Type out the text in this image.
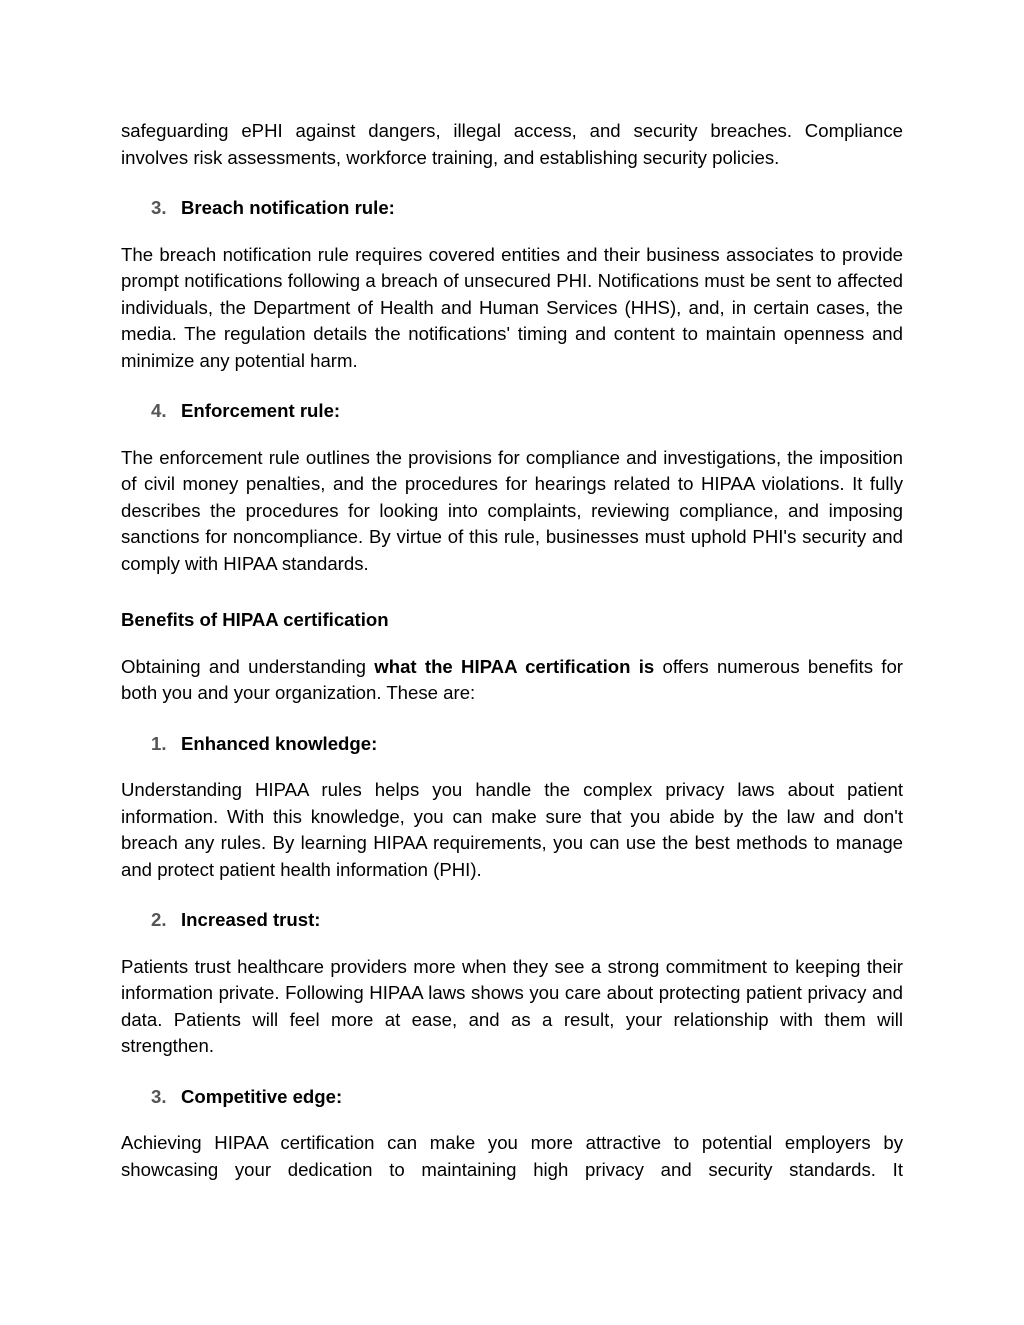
safeguarding ePHI against dangers, illegal access, and security breaches. Compliance involves risk assessments, workforce training, and establishing security policies.

3. Breach notification rule:

The breach notification rule requires covered entities and their business associates to provide prompt notifications following a breach of unsecured PHI. Notifications must be sent to affected individuals, the Department of Health and Human Services (HHS), and, in certain cases, the media. The regulation details the notifications' timing and content to maintain openness and minimize any potential harm.

4. Enforcement rule:

The enforcement rule outlines the provisions for compliance and investigations, the imposition of civil money penalties, and the procedures for hearings related to HIPAA violations. It fully describes the procedures for looking into complaints, reviewing compliance, and imposing sanctions for noncompliance. By virtue of this rule, businesses must uphold PHI's security and comply with HIPAA standards.

Benefits of HIPAA certification

Obtaining and understanding what the HIPAA certification is offers numerous benefits for both you and your organization. These are:

1. Enhanced knowledge:

Understanding HIPAA rules helps you handle the complex privacy laws about patient information. With this knowledge, you can make sure that you abide by the law and don't breach any rules. By learning HIPAA requirements, you can use the best methods to manage and protect patient health information (PHI).

2. Increased trust:

Patients trust healthcare providers more when they see a strong commitment to keeping their information private. Following HIPAA laws shows you care about protecting patient privacy and data. Patients will feel more at ease, and as a result, your relationship with them will strengthen.

3. Competitive edge:

Achieving HIPAA certification can make you more attractive to potential employers by showcasing your dedication to maintaining high privacy and security standards. It
